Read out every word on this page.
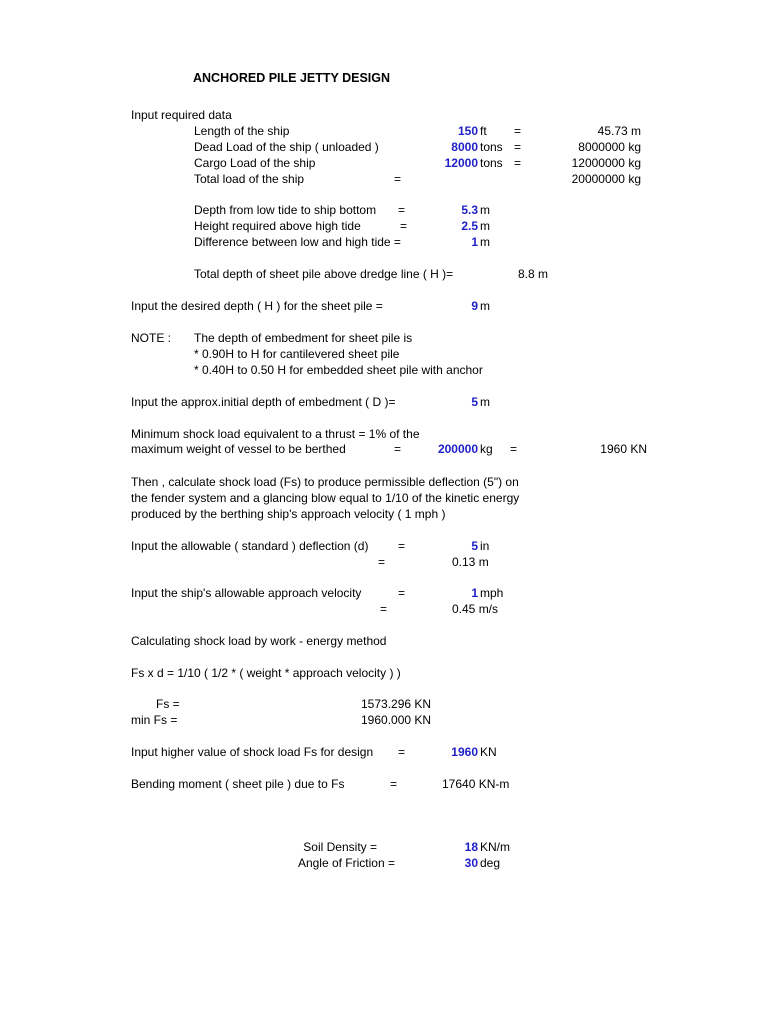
ANCHORED PILE JETTY DESIGN
Input required data
Length of the ship	150 ft =	45.73 m
Dead Load of the ship ( unloaded )	8000 tons =	8000000 kg
Cargo Load of the ship	12000 tons =	12000000 kg
Total load of the ship	=	20000000 kg
Depth from low tide to ship bottom =	5.3 m
Height required above high tide	=	2.5 m
Difference between low and high tide =	1 m
Total depth of sheet pile above dredge line ( H )=	8.8 m
Input the desired depth ( H ) for the sheet pile =	9 m
NOTE : The depth of embedment for sheet pile is
* 0.90H to H for cantilevered sheet pile
* 0.40H to 0.50 H for embedded sheet pile with anchor
Input the approx.initial depth of embedment ( D )=	5 m
Minimum shock load equivalent to a thrust = 1% of the
maximum weight of vessel to be berthed	=	200000 kg =	1960 KN
Then , calculate shock load (Fs) to produce permissible deflection (5") on
the fender system and a glancing blow equal to 1/10 of the kinetic energy
produced by the berthing ship's approach velocity ( 1 mph )
Input the allowable ( standard ) deflection (d) =	5 in
=	0.13 m
Input the ship's allowable approach velocity	=	1 mph
=	0.45 m/s
Calculating shock load by work - energy method
Fs x d = 1/10 ( 1/2 * ( weight * approach velocity ) )
Fs =	1573.296 KN
min Fs =	1960.000 KN
Input higher value of shock load Fs for design =	1960 KN
Bending moment ( sheet pile ) due to Fs	=	17640 KN-m
Soil Density =	18 KN/m
Angle of Friction =	30 deg
